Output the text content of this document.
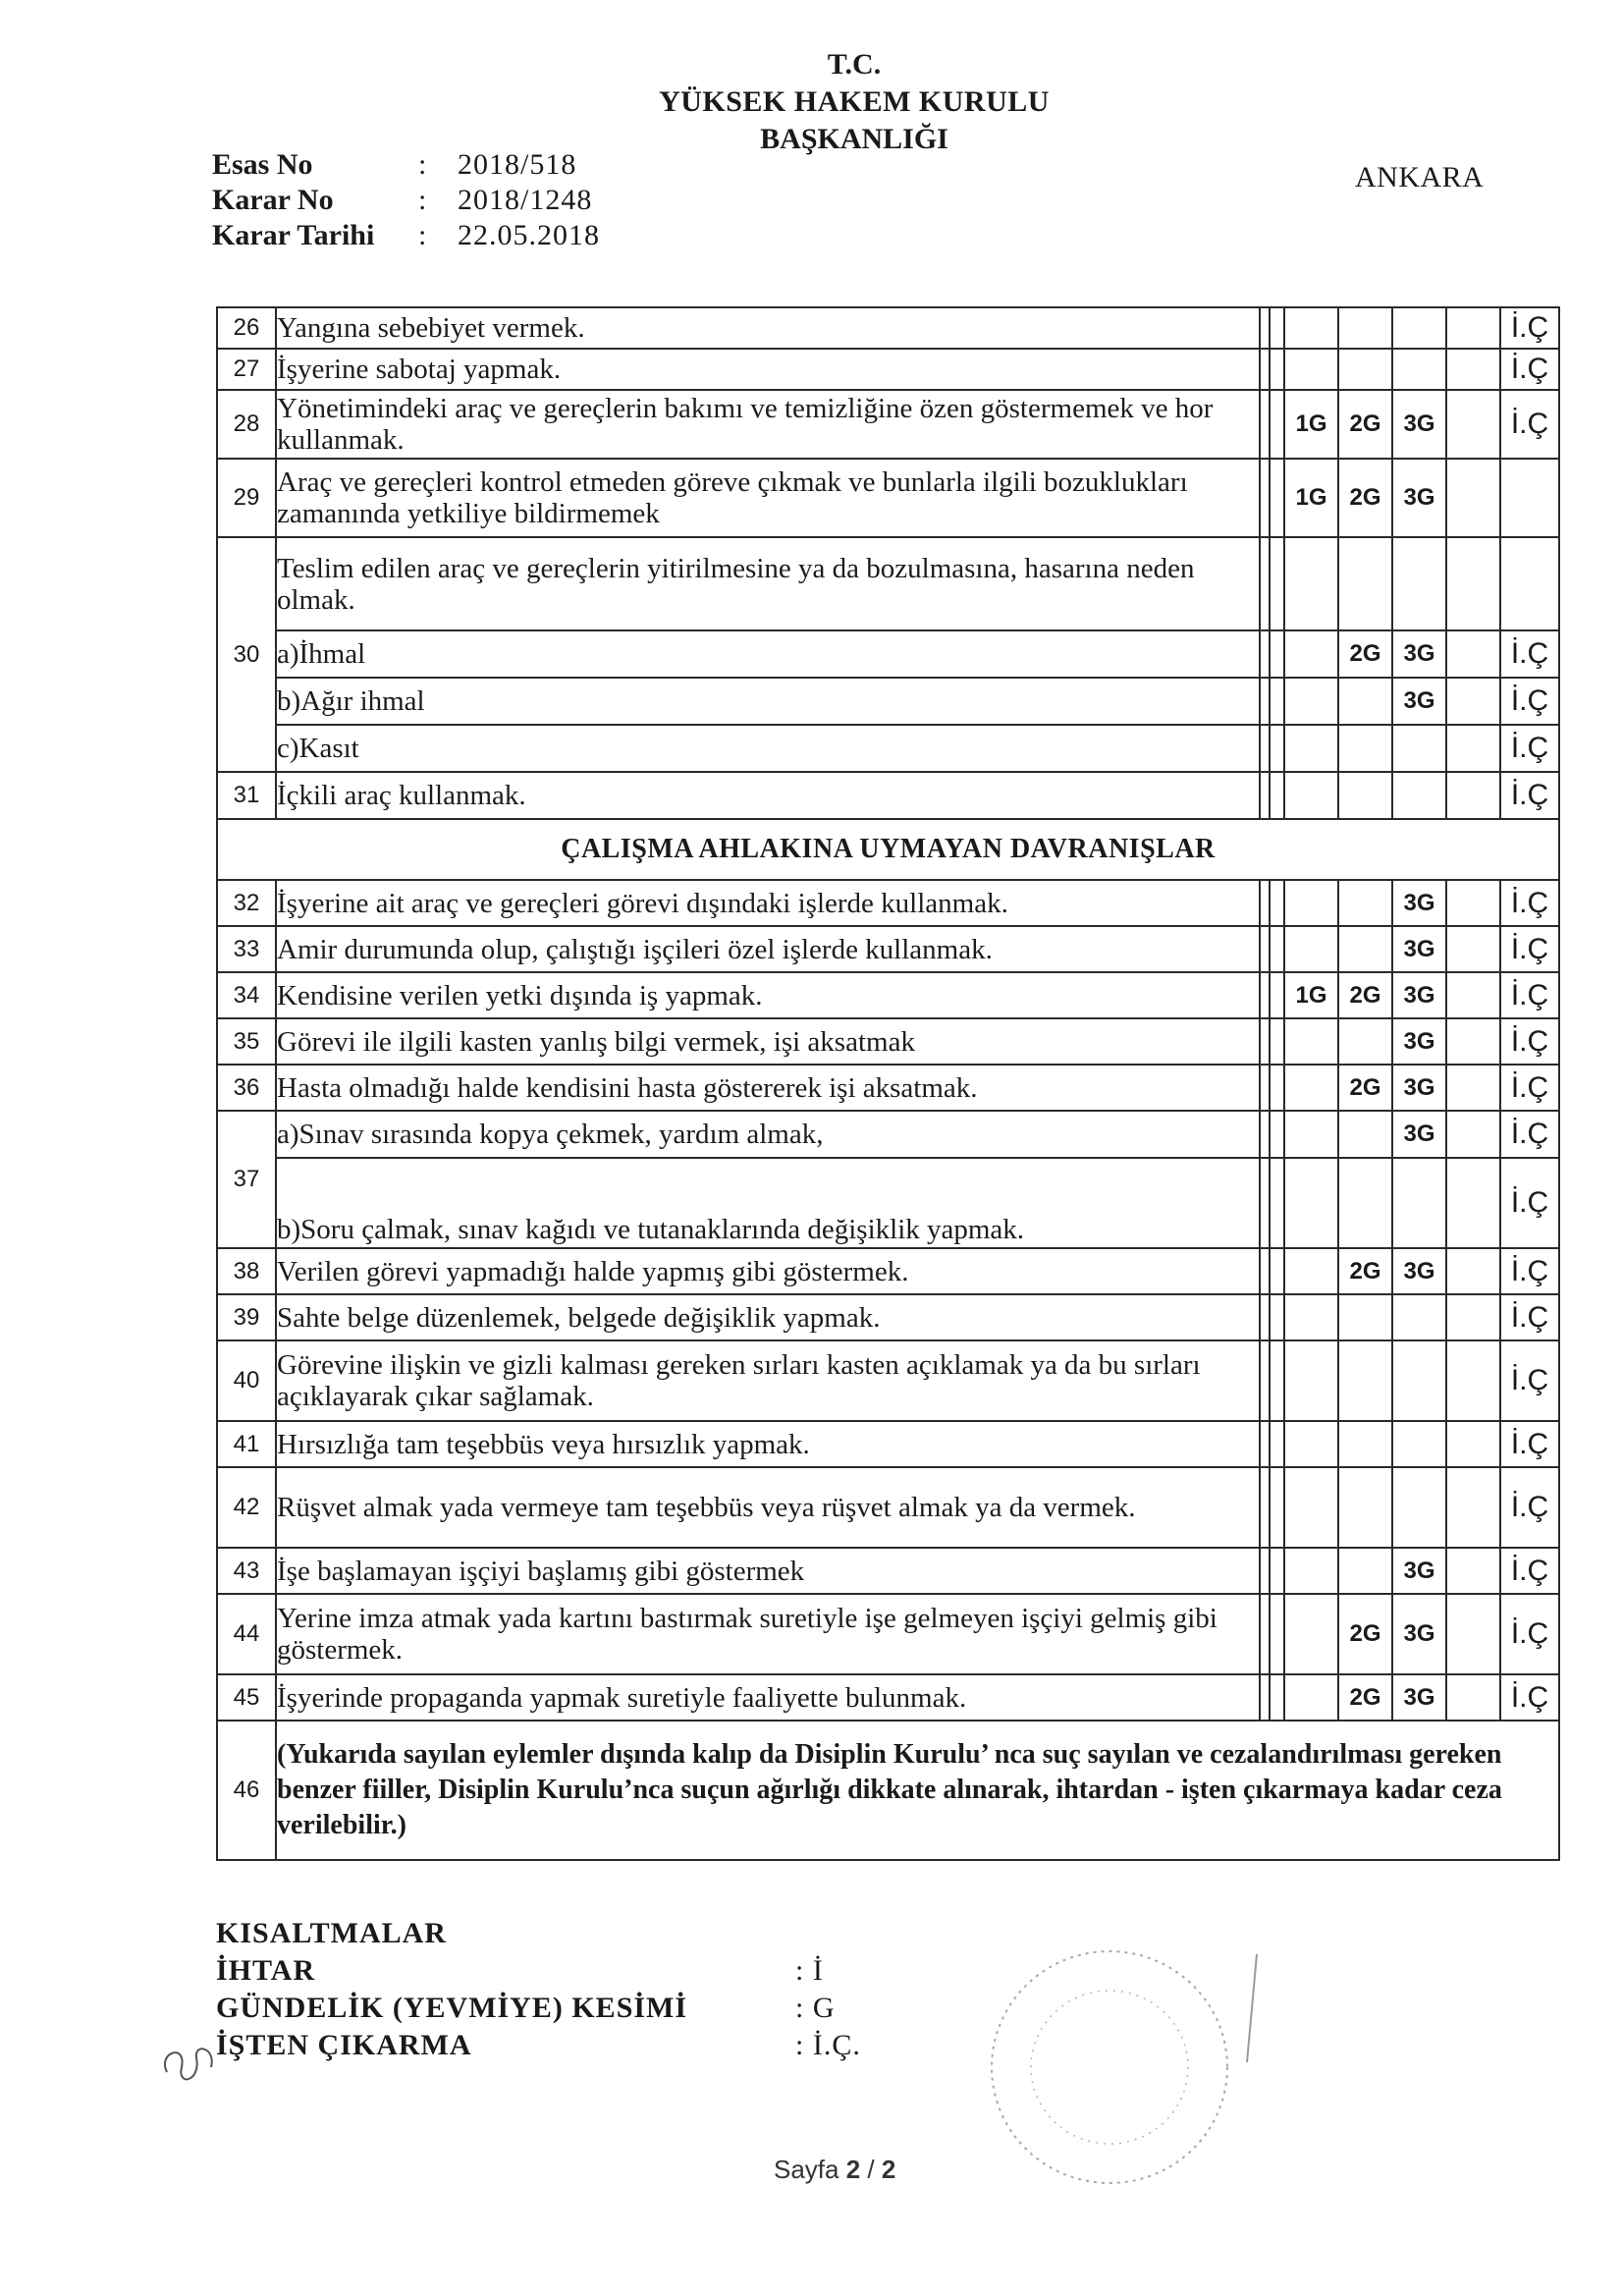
T.C.
YÜKSEK HAKEM KURULU
BAŞKANLIĞI
Esas No	:	2018/518
Karar No	:	2018/1248
Karar Tarihi	:	22.05.2018
ANKARA
26	Yangına sebebiyet vermek.							İ.Ç
27	İşyerine sabotaj yapmak.							İ.Ç
28	Yönetimindeki araç ve gereçlerin bakımı ve temizliğine özen göstermemek ve hor kullanmak.			1G	2G	3G		İ.Ç
29	Araç ve gereçleri kontrol etmeden göreve çıkmak ve bunlarla ilgili bozuklukları zamanında yetkiliye bildirmemek			1G	2G	3G		
30	Teslim edilen araç ve gereçlerin yitirilmesine ya da bozulmasına, hasarına neden olmak.							
	a)İhmal				2G	3G		İ.Ç
	b)Ağır ihmal					3G		İ.Ç
	c)Kasıt							İ.Ç
31	İçkili araç kullanmak.							İ.Ç
ÇALIŞMA AHLAKINA UYMAYAN DAVRANIŞLAR								
32	İşyerine ait araç ve gereçleri görevi dışındaki işlerde kullanmak.					3G		İ.Ç
33	Amir durumunda olup, çalıştığı işçileri özel işlerde kullanmak.					3G		İ.Ç
34	Kendisine verilen yetki dışında iş yapmak.			1G	2G	3G		İ.Ç
35	Görevi ile ilgili kasten yanlış bilgi vermek, işi aksatmak					3G		İ.Ç
36	Hasta olmadığı halde kendisini hasta göstererek işi aksatmak.				2G	3G		İ.Ç
37	a)Sınav sırasında kopya çekmek, yardım almak,					3G		İ.Ç
	b)Soru çalmak, sınav kağıdı ve tutanaklarında değişiklik yapmak.							İ.Ç
38	Verilen görevi yapmadığı halde yapmış gibi göstermek.				2G	3G		İ.Ç
39	Sahte belge düzenlemek, belgede değişiklik yapmak.							İ.Ç
40	Görevine ilişkin ve gizli kalması gereken sırları kasten açıklamak ya da bu sırları açıklayarak çıkar sağlamak.							İ.Ç
41	Hırsızlığa tam teşebbüs veya hırsızlık yapmak.							İ.Ç
42	Rüşvet almak yada vermeye tam teşebbüs veya rüşvet almak ya da vermek.							İ.Ç
43	İşe başlamayan işçiyi başlamış gibi göstermek					3G		İ.Ç
44	Yerine imza atmak yada kartını bastırmak suretiyle işe gelmeyen işçiyi gelmiş gibi göstermek.				2G	3G		İ.Ç
45	İşyerinde propaganda yapmak suretiyle faaliyette bulunmak.				2G	3G		İ.Ç
46	(Yukarıda sayılan eylemler dışında kalıp da Disiplin Kurulu’ nca suç sayılan ve cezalandırılması gereken benzer fiiller, Disiplin Kurulu’nca suçun ağırlığı dikkate alınarak, ihtardan - işten çıkarmaya kadar ceza verilebilir.)							
KISALTMALAR
İHTAR	: İ
GÜNDELİK (YEVMİYE) KESİMİ	: G
İŞTEN ÇIKARMA	: İ.Ç.
Sayfa 2 / 2
